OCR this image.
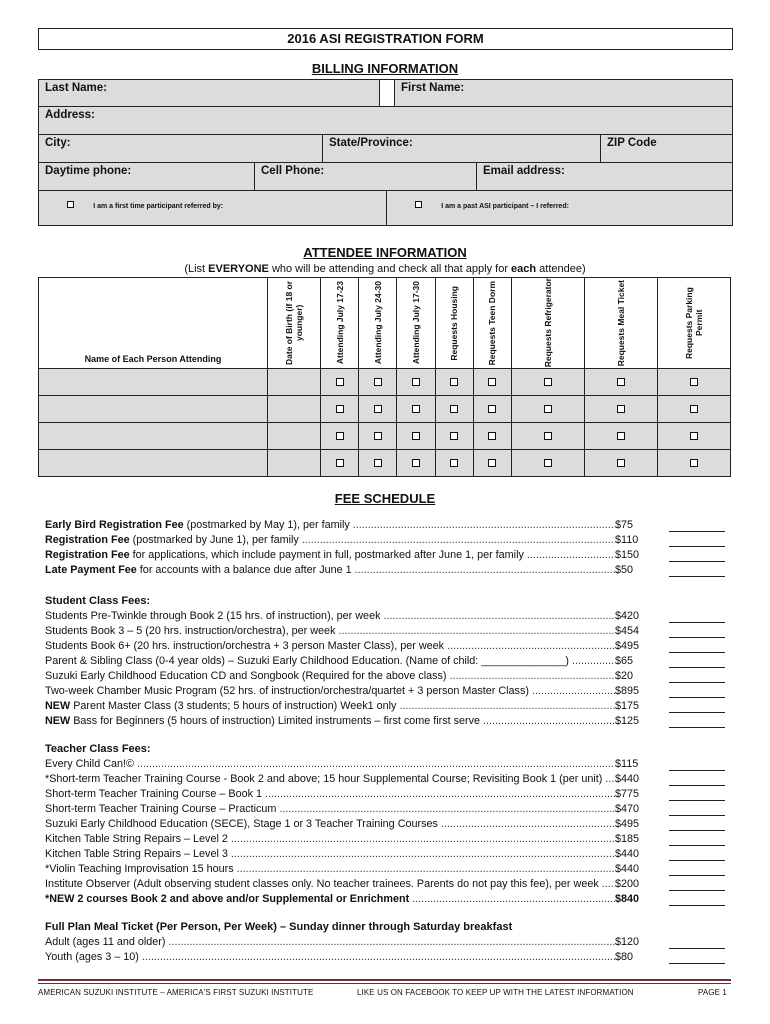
2016 ASI REGISTRATION FORM
BILLING INFORMATION
Last Name:	First Name:
Address:
City:	State/Province:	ZIP Code
Daytime phone:	Cell Phone:	Email address:
I am a first time participant referred by:	I am a past ASI participant – I referred:
ATTENDEE INFORMATION
(List EVERYONE who will be attending and check all that apply for each attendee)
Name of Each Person Attending	Date of Birth (if 18 or younger)	Attending July 17-23	Attending July 24-30	Attending July 17-30	Requests Housing	Requests Teen Dorm	Requests Refrigerator	Requests Meal Ticket	Requests Parking Permit

FEE SCHEDULE
Early Bird Registration Fee (postmarked by May 1), per family .....	$75
Registration Fee (postmarked by June 1), per family .....	$110
Registration Fee for applications, which include payment in full, postmarked after June 1, per family .....	$150
Late Payment Fee for accounts with a balance due after June 1 .....	$50
Student Class Fees:
Students Pre-Twinkle through Book 2 (15 hrs. of instruction), per week .....	$420
Students Book 3 – 5 (20 hrs. instruction/orchestra), per week .....	$454
Students Book 6+ (20 hrs. instruction/orchestra + 3 person Master Class), per week .....	$495
Parent & Sibling Class (0-4 year olds) – Suzuki Early Childhood Education. (Name of child: ______________) .....	$65
Suzuki Early Childhood Education CD and Songbook (Required for the above class) .....	$20
Two-week Chamber Music Program (52 hrs. of instruction/orchestra/quartet + 3 person Master Class) .....	$895
NEW Parent Master Class (3 students; 5 hours of instruction) Week1 only .....	$175
NEW Bass for Beginners (5 hours of instruction) Limited instruments – first come first serve .....	$125
Teacher Class Fees:
Every Child Can!© .....	$115
*Short-term Teacher Training Course - Book 2 and above; 15 hour Supplemental Course; Revisiting Book 1 (per unit) .....	$440
Short-term Teacher Training Course – Book 1 .....	$775
Short-term Teacher Training Course – Practicum .....	$470
Suzuki Early Childhood Education (SECE), Stage 1 or 3 Teacher Training Courses .....	$495
Kitchen Table String Repairs – Level 2 .....	$185
Kitchen Table String Repairs – Level 3 .....	$440
*Violin Teaching Improvisation 15 hours .....	$440
Institute Observer (Adult observing student classes only. No teacher trainees. Parents do not pay this fee), per week .....	$200
*NEW 2 courses Book 2 and above and/or Supplemental or Enrichment .....	$840
Full Plan Meal Ticket (Per Person, Per Week) – Sunday dinner through Saturday breakfast
Adult (ages 11 and older) .....	$120
Youth (ages 3 – 10) .....	$80
AMERICAN SUZUKI INSTITUTE – AMERICA'S FIRST SUZUKI INSTITUTE	LIKE US ON FACEBOOK TO KEEP UP WITH THE LATEST INFORMATION	PAGE 1
